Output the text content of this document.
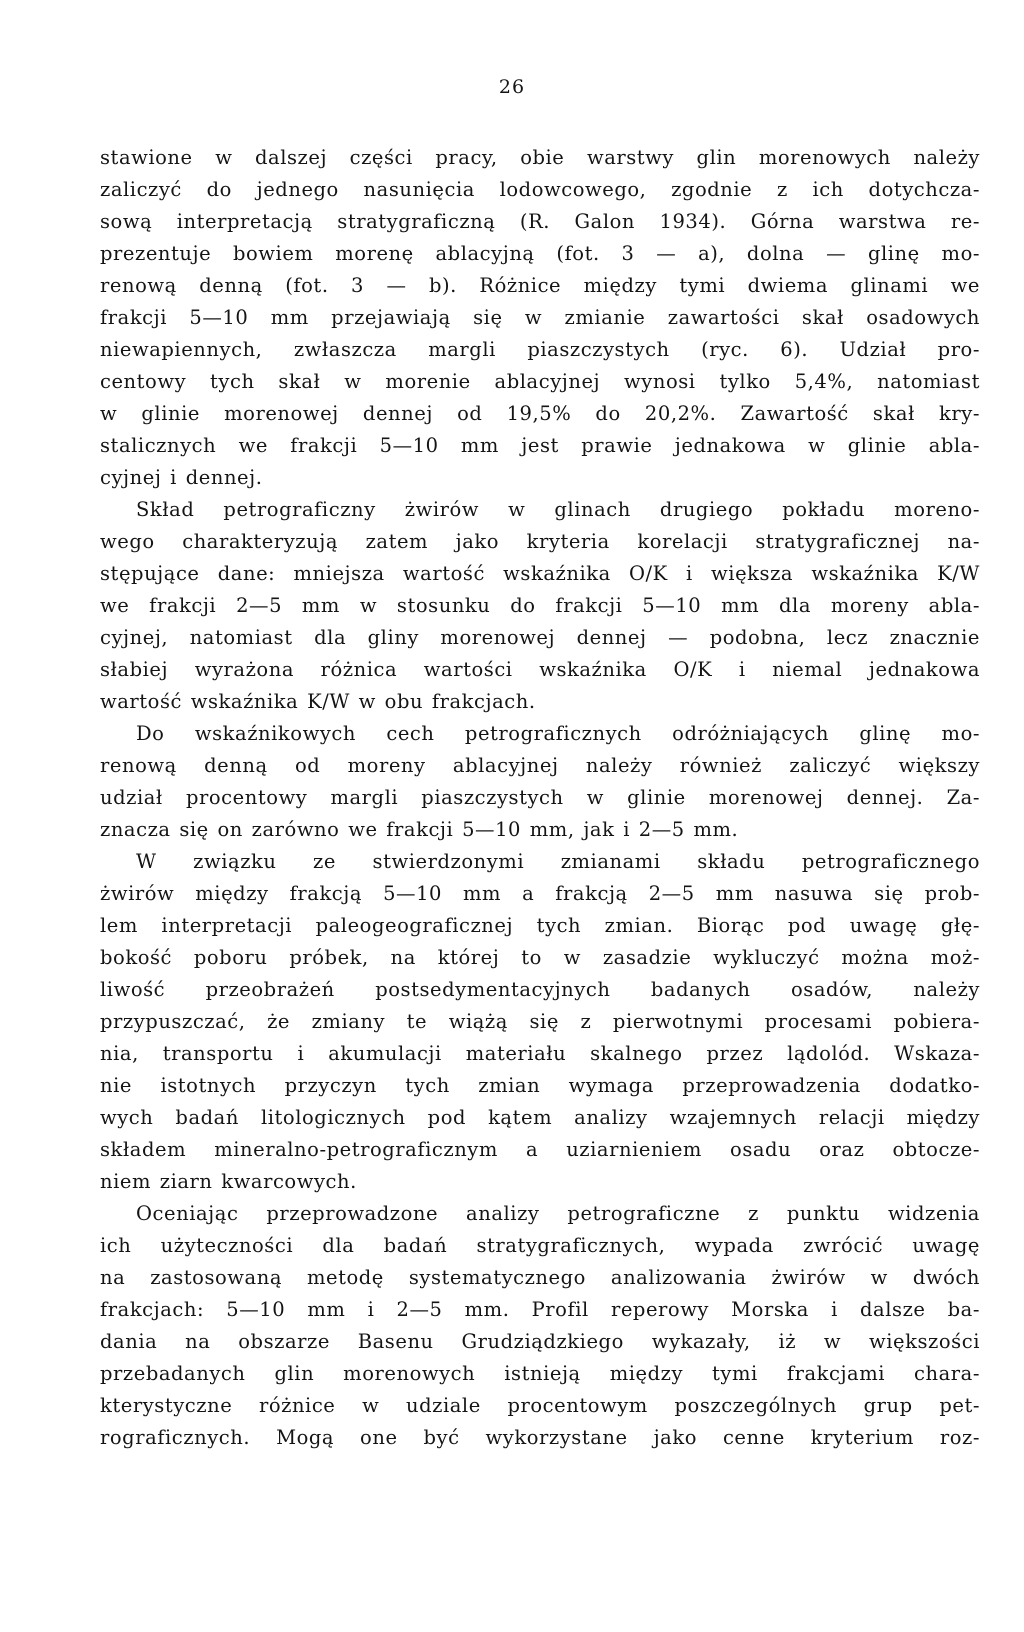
26

stawione w dalszej części pracy, obie warstwy glin morenowych należy
zaliczyć do jednego nasunięcia lodowcowego, zgodnie z ich dotychcza-
sową interpretacją stratygraficzną (R. Galon 1934). Górna warstwa re-
prezentuje bowiem morenę ablacyjną (fot. 3 — a), dolna — glinę mo-
renową denną (fot. 3 — b). Różnice między tymi dwiema glinami we
frakcji 5—10 mm przejawiają się w zmianie zawartości skał osadowych
niewapiennych, zwłaszcza margli piaszczystych (ryc. 6). Udział pro-
centowy tych skał w morenie ablacyjnej wynosi tylko 5,4%, natomiast
w glinie morenowej dennej od 19,5% do 20,2%. Zawartość skał kry-
stalicznych we frakcji 5—10 mm jest prawie jednakowa w glinie abla-
cyjnej i dennej.

Skład petrograficzny żwirów w glinach drugiego pokładu moreno-
wego charakteryzują zatem jako kryteria korelacji stratygraficznej na-
stępujące dane: mniejsza wartość wskaźnika O/K i większa wskaźnika K/W
we frakcji 2—5 mm w stosunku do frakcji 5—10 mm dla moreny abla-
cyjnej, natomiast dla gliny morenowej dennej — podobna, lecz znacznie
słabiej wyrażona różnica wartości wskaźnika O/K i niemal jednakowa
wartość wskaźnika K/W w obu frakcjach.

Do wskaźnikowych cech petrograficznych odróżniających glinę mo-
renową denną od moreny ablacyjnej należy również zaliczyć większy
udział procentowy margli piaszczystych w glinie morenowej dennej. Za-
znacza się on zarówno we frakcji 5—10 mm, jak i 2—5 mm.

W związku ze stwierdzonymi zmianami składu petrograficznego
żwirów między frakcją 5—10 mm a frakcją 2—5 mm nasuwa się prob-
lem interpretacji paleogeograficznej tych zmian. Biorąc pod uwagę głę-
bokość poboru próbek, na której to w zasadzie wykluczyć można moż-
liwość przeobrażeń postsedymentacyjnych badanych osadów, należy
przypuszczać, że zmiany te wiążą się z pierwotnymi procesami pobiera-
nia, transportu i akumulacji materiału skalnego przez lądolód. Wskaza-
nie istotnych przyczyn tych zmian wymaga przeprowadzenia dodatko-
wych badań litologicznych pod kątem analizy wzajemnych relacji między
składem mineralno-petrograficznym a uziarnieniem osadu oraz obtocze-
niem ziarn kwarcowych.

Oceniając przeprowadzone analizy petrograficzne z punktu widzenia
ich użyteczności dla badań stratygraficznych, wypada zwrócić uwagę
na zastosowaną metodę systematycznego analizowania żwirów w dwóch
frakcjach: 5—10 mm i 2—5 mm. Profil reperowy Morska i dalsze ba-
dania na obszarze Basenu Grudziądzkiego wykazały, iż w większości
przebadanych glin morenowych istnieją między tymi frakcjami chara-
kterystyczne różnice w udziale procentowym poszczególnych grup pet-
rograficznych. Mogą one być wykorzystane jako cenne kryterium roz-
